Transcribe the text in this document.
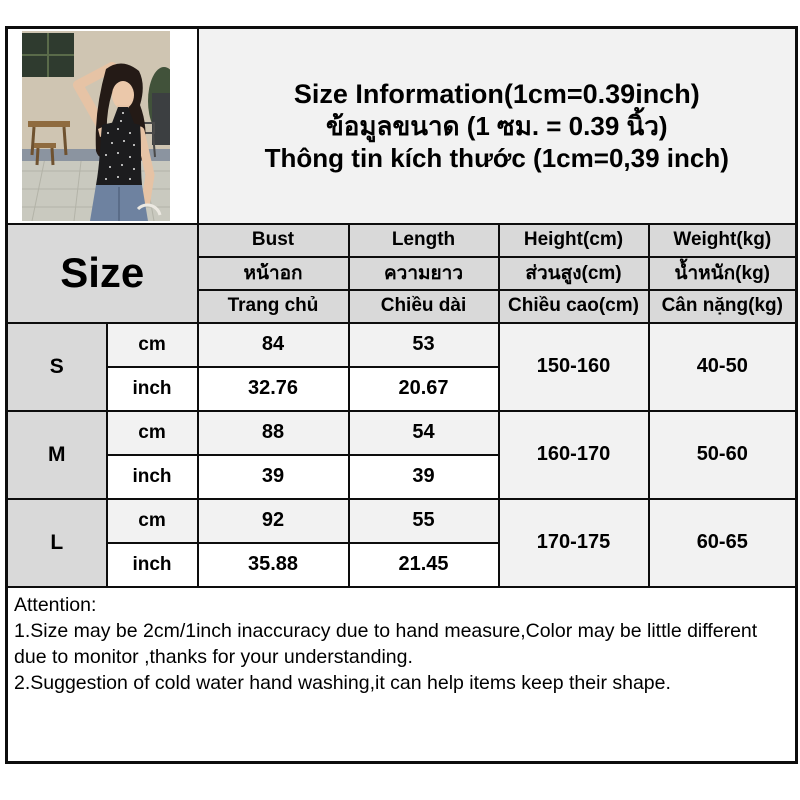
Size Information(1cm=0.39inch)
ข้อมูลขนาด (1 ซม. = 0.39 นิ้ว)
Thông tin kích thước (1cm=0,39 inch)			

Size		Bust	Length	Height(cm)	Weight(kg)
		หน้าอก	ความยาว	ส่วนสูง(cm)	น้ำหนัก(kg)
		Trang chủ	Chiều dài	Chiều cao(cm)	Cân nặng(kg)
S	cm	84	53	150-160	40-50
	inch	32.76	20.67		
M	cm	88	54	160-170	50-60
	inch	39	39		
L	cm	92	55	170-175	60-65
	inch	35.88	21.45		

Attention:
1.Size may be 2cm/1inch inaccuracy due to hand measure,Color may be little different due to monitor ,thanks for your understanding.
2.Suggestion of cold water hand washing,it can help items keep their shape.					
